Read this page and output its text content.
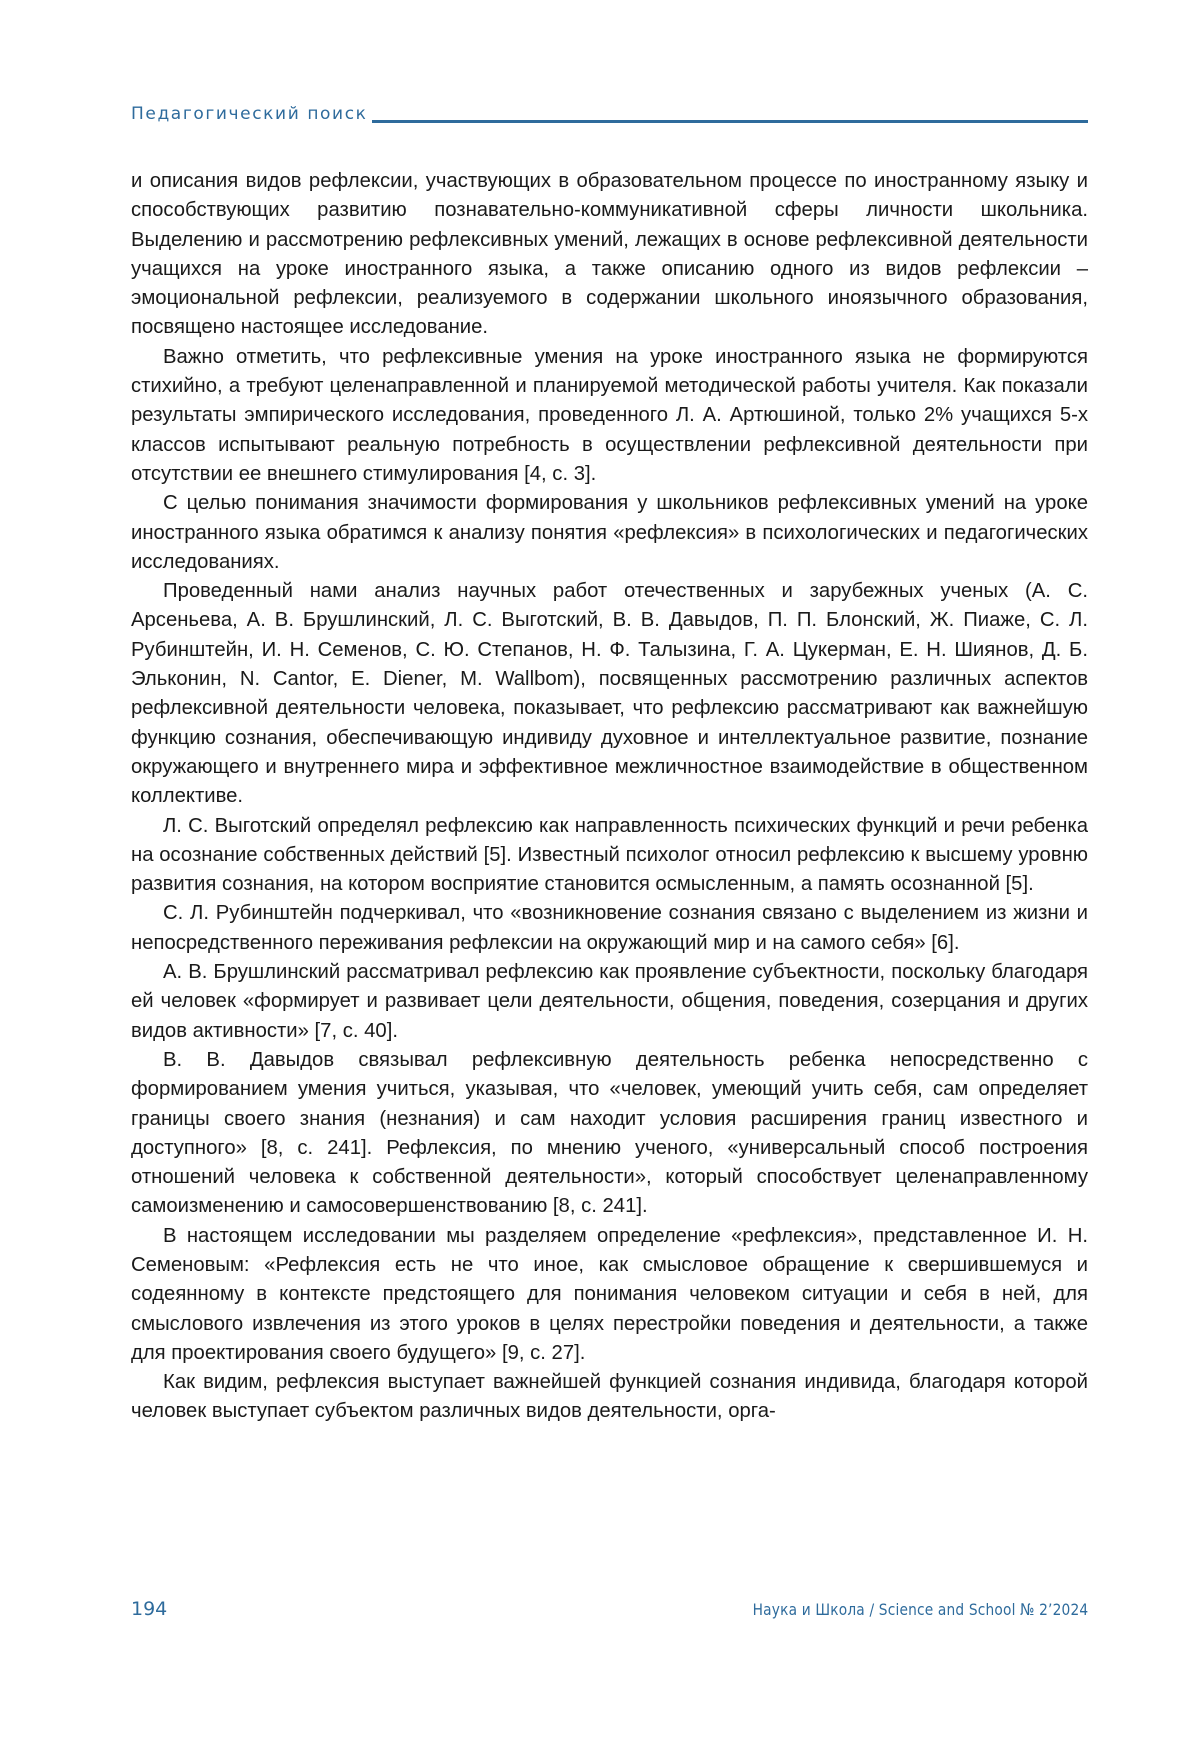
Педагогический поиск

и описания видов рефлексии, участвующих в образовательном процессе по иностранному языку и способствующих развитию познавательно-коммуникативной сферы личности школьника. Выделению и рассмотрению рефлексивных умений, лежащих в основе рефлексивной деятельности учащихся на уроке иностранного языка, а также описанию одного из видов рефлексии – эмоциональной рефлексии, реализуемого в содержании школьного иноязычного образования, посвящено настоящее исследование.

Важно отметить, что рефлексивные умения на уроке иностранного языка не формируются стихийно, а требуют целенаправленной и планируемой методической работы учителя. Как показали результаты эмпирического исследования, проведенного Л. А. Артюшиной, только 2% учащихся 5-х классов испытывают реальную потребность в осуществлении рефлексивной деятельности при отсутствии ее внешнего стимулирования [4, с. 3].

С целью понимания значимости формирования у школьников рефлексивных умений на уроке иностранного языка обратимся к анализу понятия «рефлексия» в психологических и педагогических исследованиях.

Проведенный нами анализ научных работ отечественных и зарубежных ученых (А. С. Арсеньева, А. В. Брушлинский, Л. С. Выготский, В. В. Давыдов, П. П. Блонский, Ж. Пиаже, С. Л. Рубинштейн, И. Н. Семенов, С. Ю. Степанов, Н. Ф. Талызина, Г. А. Цукерман, Е. Н. Шиянов, Д. Б. Эльконин, N. Cantor, E. Diener, M. Wallbom), посвященных рассмотрению различных аспектов рефлексивной деятельности человека, показывает, что рефлексию рассматривают как важнейшую функцию сознания, обеспечивающую индивиду духовное и интеллектуальное развитие, познание окружающего и внутреннего мира и эффективное межличностное взаимодействие в общественном коллективе.

Л. С. Выготский определял рефлексию как направленность психических функций и речи ребенка на осознание собственных действий [5]. Известный психолог относил рефлексию к высшему уровню развития сознания, на котором восприятие становится осмысленным, а память осознанной [5].

С. Л. Рубинштейн подчеркивал, что «возникновение сознания связано с выделением из жизни и непосредственного переживания рефлексии на окружающий мир и на самого себя» [6].

А. В. Брушлинский рассматривал рефлексию как проявление субъектности, поскольку благодаря ей человек «формирует и развивает цели деятельности, общения, поведения, созерцания и других видов активности» [7, с. 40].

В. В. Давыдов связывал рефлексивную деятельность ребенка непосредственно с формированием умения учиться, указывая, что «человек, умеющий учить себя, сам определяет границы своего знания (незнания) и сам находит условия расширения границ известного и доступного» [8, с. 241]. Рефлексия, по мнению ученого, «универсальный способ построения отношений человека к собственной деятельности», который способствует целенаправленному самоизменению и самосовершенствованию [8, с. 241].

В настоящем исследовании мы разделяем определение «рефлексия», представленное И. Н. Семеновым: «Рефлексия есть не что иное, как смысловое обращение к свершившемуся и содеянному в контексте предстоящего для понимания человеком ситуации и себя в ней, для смыслового извлечения из этого уроков в целях перестройки поведения и деятельности, а также для проектирования своего будущего» [9, с. 27].

Как видим, рефлексия выступает важнейшей функцией сознания индивида, благодаря которой человек выступает субъектом различных видов деятельности, орга-

194	Наука и Школа / Science and School № 2’2024
